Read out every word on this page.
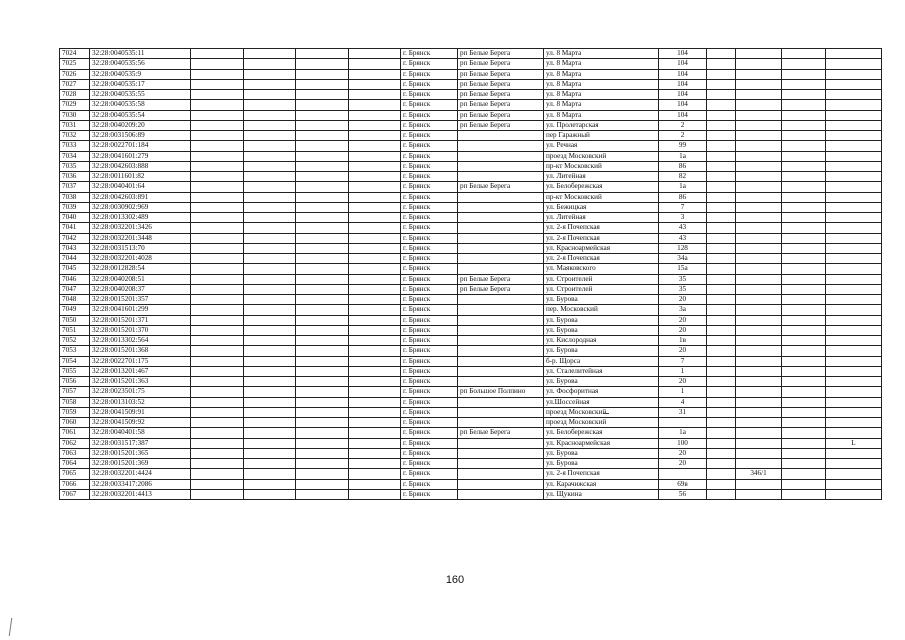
7024	32:28:0040535:11					г. Брянск	рп Белые Берега	ул. 8 Марта	104				
7025	32:28:0040535:56					г. Брянск	рп Белые Берега	ул. 8 Марта	104				
7026	32:28:0040535:9					г. Брянск	рп Белые Берега	ул. 8 Марта	104				
7027	32:28:0040535:17					г. Брянск	рп Белые Берега	ул. 8 Марта	104				
7028	32:28:0040535:55					г. Брянск	рп Белые Берега	ул. 8 Марта	104				
7029	32:28:0040535:58					г. Брянск	рп Белые Берега	ул. 8 Марта	104				
7030	32:28:0040535:54					г. Брянск	рп Белые Берега	ул. 8 Марта	104				
7031	32:28:0040209:20					г. Брянск	рп Белые Берега	ул. Пролетарская	2				
7032	32:28:0031506:89					г. Брянск		пер Гаражный	2				
7033	32:28:0022701:184					г. Брянск		ул. Речная	99				
7034	32:28:0041601:279					г. Брянск		проезд Московский	1а				
7035	32:28:0042603:888					г. Брянск		пр-кт Московский	86				
7036	32:28:0011601:82					г. Брянск		ул. Литейная	82				
7037	32:28:0040401:64					г. Брянск	рп Белые Берега	ул. Белобережская	1а				
7038	32:28:0042603:891					г. Брянск		пр-кт Московский	86				
7039	32:28:0030902:969					г. Брянск		ул. Бежицкая	7				
7040	32:28:0013302:489					г. Брянск		ул. Литейная	3				
7041	32:28:0032201:3426					г. Брянск		ул. 2-я Почепская	43				
7042	32:28:0032201:3448					г. Брянск		ул. 2-я Почепская	43				
7043	32:28:0031513:70					г. Брянск		ул. Красноармейская	128				
7044	32:28:0032201:4028					г. Брянск		ул. 2-я Почепская	34а				
7045	32:28:0012828:54					г. Брянск		ул. Маяковского	15а				
7046	32:28:0040208:51					г. Брянск	рп Белые Берега	ул. Строителей	35				
7047	32:28:0040208:37					г. Брянск	рп Белые Берега	ул. Строителей	35				
7048	32:28:0015201:357					г. Брянск		ул. Бурова	20				
7049	32:28:0041601:299					г. Брянск		пер. Московский	3а				
7050	32:28:0015201:371					г. Брянск		ул. Бурова	20				
7051	32:28:0015201:370					г. Брянск		ул. Бурова	20				
7052	32:28:0013302:564					г. Брянск		ул. Кислородная	1в				
7053	32:28:0015201:368					г. Брянск		ул. Бурова	20				
7054	32:28:0022701:175					г. Брянск		б-р. Щорса	7				
7055	32:28:0013201:467					г. Брянск		ул. Сталелитейная	1				
7056	32:28:0015201:363					г. Брянск		ул. Бурова	20				
7057	32:28:0023501:75					г. Брянск	рп Большое Полпино	ул. Фосфоритная	1				
7058	32:28:0013103:52					г. Брянск		ул.Шоссейная	4				
7059	32:28:0041509:91					г. Брянск		проезд Московский	31				
7060	32:28:0041509:92					г. Брянск		проезд Московский					
7061	32:28:0040401:58					г. Брянск	рп Белые Берега	ул. Белобережская	1а				
7062	32:28:0031517:387					г. Брянск		ул. Красноармейская	100				L
7063	32:28:0015201:365					г. Брянск		ул. Бурова	20				
7064	32:28:0015201:369					г. Брянск		ул. Бурова	20				
7065	32:28:0032201:4424					г. Брянск		ул. 2-я Почепская			346/1		
7066	32:28:0033417:2086					г. Брянск		ул. Карачижская	69в				
7067	32:28:0032201:4413					г. Брянск		ул. Щукина	56				
160
